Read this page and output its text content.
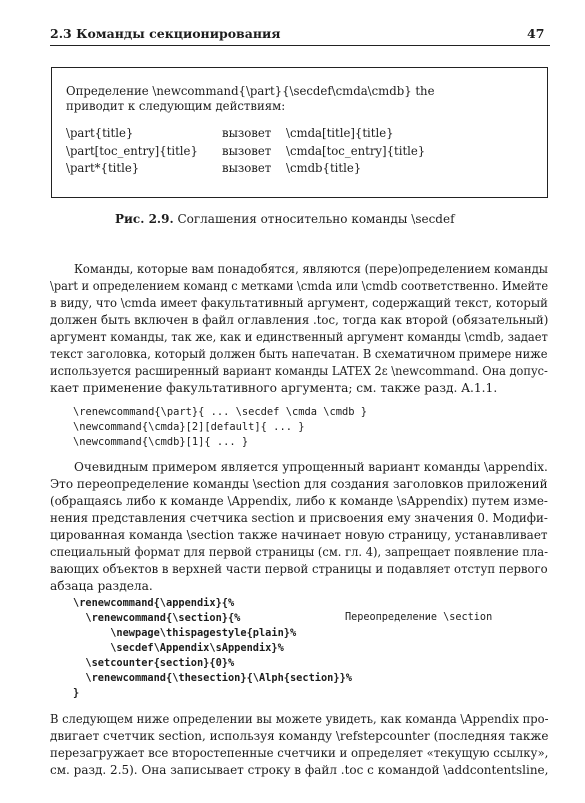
2.3 Команды секционирования	47
Определение \newcommand{\part}{\secdef\cmda\cmdb} the
приводит к следующим действиям:
\part{title}	вызовет \cmda[title]{title}
\part[toc_entry]{title} вызовет \cmda[toc_entry]{title}
\part*{title}	вызовет \cmdb{title}
Рис. 2.9. Соглашения относительно команды \secdef
Команды, которые вам понадобятся, являются (пере)определением команды
\part и определением команд с метками \cmda или \cmdb соответственно. Имейте
в виду, что \cmda имеет факультативный аргумент, содержащий текст, который
должен быть включен в файл оглавления .toc, тогда как второй (обязательный)
аргумент команды, так же, как и единственный аргумент команды \cmdb, задает
текст заголовка, который должен быть напечатан. В схематичном примере ниже
используется расширенный вариант команды LATEX 2ε \newcommand. Она допус-
кает применение факультативного аргумента; см. также разд. A.1.1.
\renewcommand{\part}{ ... \secdef \cmda \cmdb }
\newcommand{\cmda}[2][default]{ ... }
\newcommand{\cmdb}[1]{ ... }
Очевидным примером является упрощенный вариант команды \appendix.
Это переопределение команды \section для создания заголовков приложений
(обращаясь либо к команде \Appendix, либо к команде \sAppendix) путем изме-
нения представления счетчика section и присвоения ему значения 0. Модифи-
цированная команда \section также начинает новую страницу, устанавливает
специальный формат для первой страницы (см. гл. 4), запрещает появление пла-
вающих объектов в верхней части первой страницы и подавляет отступ первого
абзаца раздела.
\renewcommand{\appendix}{%
\renewcommand{\section}{%
\newpage\thispagestyle{plain}%
\secdef\Appendix\sAppendix}%
\setcounter{section}{0}%
\renewcommand{\thesection}{\Alph{section}}%
}
Переопределение \section
В следующем ниже определении вы можете увидеть, как команда \Appendix про-
двигает счетчик section, используя команду \refstepcounter (последняя также
перезагружает все второстепенные счетчики и определяет «текущую ссылку»,
см. разд. 2.5). Она записывает строку в файл .toc с командой \addcontentsline,
